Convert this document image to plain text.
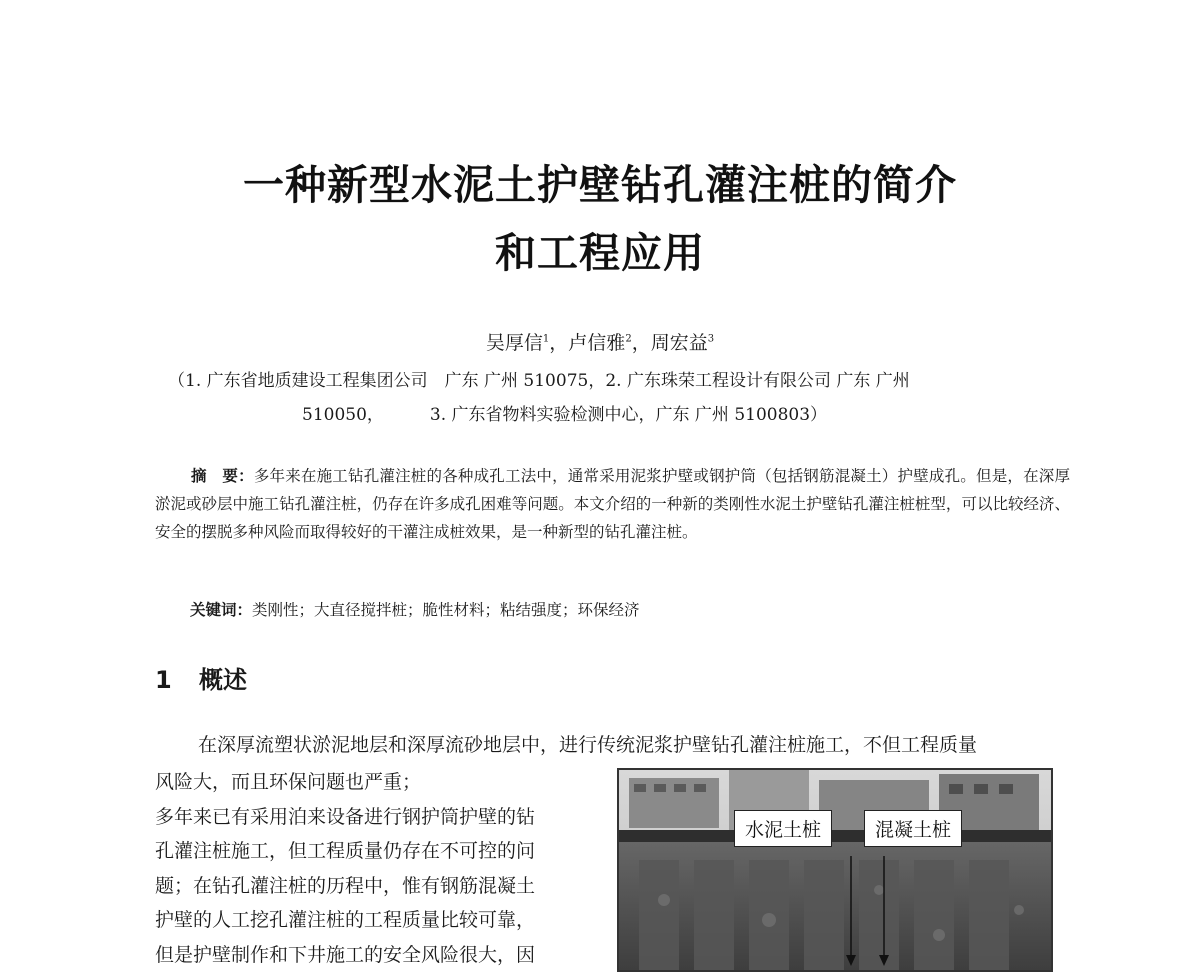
一种新型水泥土护壁钻孔灌注桩的简介
和工程应用
吴厚信$^1$，卢信雅$^2$，周宏益$^3$
（1. 广东省地质建设工程集团公司　广东 广州 510075，2. 广东珠荣工程设计有限公司 广东 广州
510050，	3. 广东省物料实验检测中心，广东 广州 5100803）
摘　要：多年来在施工钻孔灌注桩的各种成孔工法中，通常采用泥浆护壁或钢护筒（包括钢筋混凝土）护壁成孔。但是，在深厚淤泥或砂层中施工钻孔灌注桩，仍存在许多成孔困难等问题。本文介绍的一种新的类刚性水泥土护壁钻孔灌注桩桩型，可以比较经济、安全的摆脱多种风险而取得较好的干灌注成桩效果，是一种新型的钻孔灌注桩。
关键词：类刚性；大直径搅拌桩；脆性材料；粘结强度；环保经济
1 概述
在深厚流塑状淤泥地层和深厚流砂地层中，进行传统泥浆护壁钻孔灌注桩施工，不但工程质量
风险大，而且环保问题也严重；
多年来已有采用泊来设备进行钢护筒护壁的钻
孔灌注桩施工，但工程质量仍存在不可控的问
题；在钻孔灌注桩的历程中，惟有钢筋混凝土
护壁的人工挖孔灌注桩的工程质量比较可靠，
但是护壁制作和下井施工的安全风险很大，因
水泥土桩	混凝土桩
